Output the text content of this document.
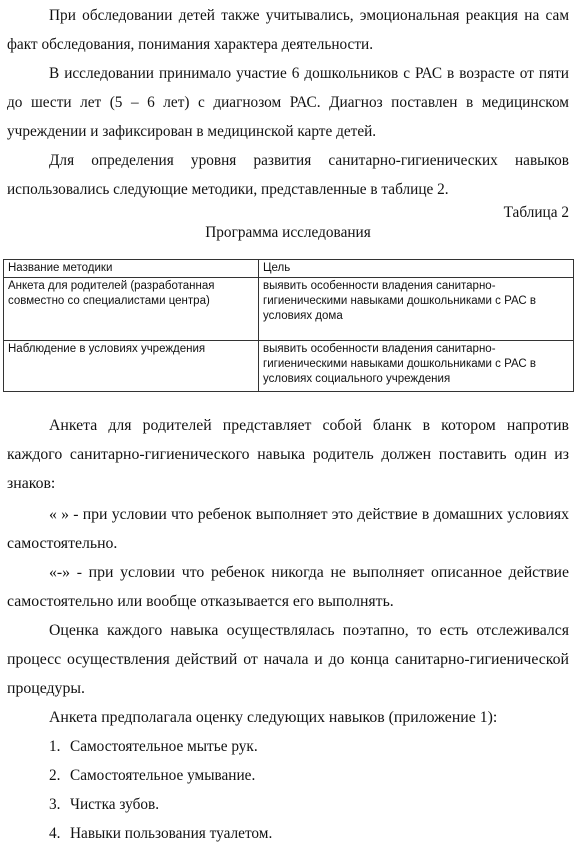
При обследовании детей также учитывались, эмоциональная реакция на сам факт обследования, понимания характера деятельности.

В исследовании принимало участие 6 дошкольников с РАС в возрасте от пяти до шести лет (5 – 6 лет) с диагнозом РАС. Диагноз поставлен в медицинском учреждении и зафиксирован в медицинской карте детей.

Для определения уровня развития санитарно-гигиенических навыков использовались следующие методики, представленные в таблице 2.

Таблица 2
Программа исследования
Название методики	Цель
Анкета для родителей (разработанная совместно со специалистами центра)	выявить особенности владения санитарно-гигиеническими навыками дошкольниками с РАС в условиях дома
Наблюдение в условиях учреждения	выявить особенности владения санитарно-гигиеническими навыками дошкольниками с РАС в условиях социального учреждения

Анкета для родителей представляет собой бланк в котором напротив каждого санитарно-гигиенического навыка родитель должен поставить один из знаков:

« » - при условии что ребенок выполняет это действие в домашних условиях самостоятельно.

«-» - при условии что ребенок никогда не выполняет описанное действие самостоятельно или вообще отказывается его выполнять.

Оценка каждого навыка осуществлялась поэтапно, то есть отслеживался процесс осуществления действий от начала и до конца санитарно-гигиенической процедуры.

Анкета предполагала оценку следующих навыков (приложение 1):

1. Самостоятельное мытье рук.
2. Самостоятельное умывание.
3. Чистка зубов.
4. Навыки пользования туалетом.
